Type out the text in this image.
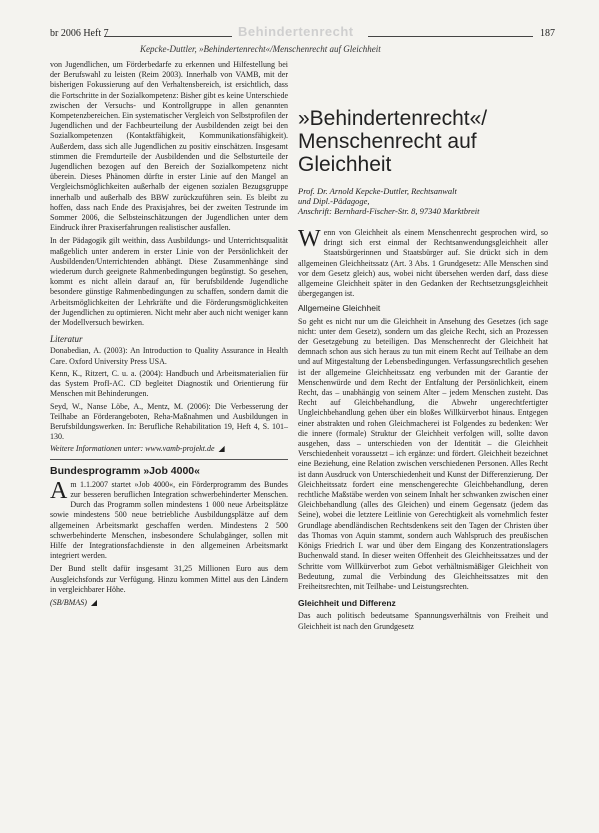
br 2006 Heft 7	Behindertenrecht	187
Kepcke-Duttler, »Behindertenrecht«/Menschenrecht auf Gleichheit

von Jugendlichen, um Förderbedarfe zu erkennen und Hilfestellung bei der Berufswahl zu leisten (Reim 2003). Innerhalb von VAMB, mit der bisherigen Fokussierung auf den Verhaltensbereich, ist ersichtlich, dass die Fortschritte in der Sozialkompetenz: Bisher gibt es keine Unterschiede zwischen der Versuchs- und Kontrollgruppe in allen genannten Kompetenzbereichen. Ein systematischer Vergleich von Selbstprofilen der Jugendlichen und der Fachbeurteilung der Ausbildenden zeigt bei den Sozialkompetenzen (Kontaktfähigkeit, Kommunikationsfähigkeit). Außerdem, dass sich alle Jugendlichen zu positiv einschätzen. Insgesamt stimmen die Fremdurteile der Ausbildenden und die Selbsturteile der Jugendlichen bezogen auf den Bereich der Sozialkompetenz nicht überein. Dieses Phänomen dürfte in erster Linie auf den Mangel an Vergleichsmöglichkeiten außerhalb der eigenen sozialen Bezugsgruppe innerhalb und außerhalb des BBW zurückzuführen sein. Es bleibt zu hoffen, dass nach Ende des Praxisjahres, bei der zweiten Testrunde im Sommer 2006, die Selbsteinschätzungen der Jugendlichen unter dem Eindruck ihrer Praxiserfahrungen realistischer ausfallen.

In der Pädagogik gilt weithin, dass Ausbildungs- und Unterrichtsqualität maßgeblich unter anderem in erster Linie von der Persönlichkeit der Ausbildenden/Unterrichtenden abhängt. Diese Zusammenhänge sind wiederum durch geeignete Rahmenbedingungen begünstigt. So gesehen, kommt es nicht allein darauf an, für berufsbildende Jugendliche besondere günstige Rahmenbedingungen zu schaffen, sondern damit die Arbeitsmöglichkeiten der Lehrkräfte und die Förderungsmöglichkeiten der Jugendlichen zu optimieren. Nicht mehr aber auch nicht weniger kann der Modellversuch bewirken.

Literatur

Donabedian, A. (2003): An Introduction to Quality Assurance in Health Care. Oxford University Press USA.

Kenn, K., Ritzert, C. u. a. (2004): Handbuch und Arbeitsmaterialien für das System ProfI-AC. CD begleitet Diagnostik und Orientierung für Menschen mit Behinderungen.

Seyd, W., Nanse Löbe, A., Mentz, M. (2006): Die Verbesserung der Teilhabe an Förderangeboten, Reha-Maßnahmen und Ausbildungen in Berufsbildungswerken. In: Berufliche Rehabilitation 19, Heft 4, S. 101–130.

Weitere Informationen unter: www.vamb-projekt.de ◢

Bundesprogramm »Job 4000«

Am 1.1.2007 startet »Job 4000«, ein Förderprogramm des Bundes zur besseren beruflichen Integration schwerbehinderter Menschen. Durch das Programm sollen mindestens 1 000 neue Arbeitsplätze sowie mindestens 500 neue betriebliche Ausbildungsplätze auf dem allgemeinen Arbeitsmarkt geschaffen werden. Mindestens 2 500 schwerbehinderte Menschen, insbesondere Schulabgänger, sollen mit Hilfe der Integrationsfachdienste in den allgemeinen Arbeitsmarkt integriert werden.

Der Bund stellt dafür insgesamt 31,25 Millionen Euro aus dem Ausgleichsfonds zur Verfügung. Hinzu kommen Mittel aus den Ländern in vergleichbarer Höhe.

(SB/BMAS) ◢
»Behindertenrecht«/
Menschenrecht auf
Gleichheit
Prof. Dr. Arnold Kepcke-Duttler, Rechtsanwalt
und Dipl.-Pädagoge,
Anschrift: Bernhard-Fischer-Str. 8, 97340 Marktbreit

Wenn von Gleichheit als einem Menschenrecht gesprochen wird, so dringt sich erst einmal der Rechtsanwendungsgleichheit aller Staatsbürgerinnen und Staatsbürger auf. Sie drückt sich in dem allgemeinen Gleichheitssatz (Art. 3 Abs. 1 Grundgesetz: Alle Menschen sind vor dem Gesetz gleich) aus, wobei nicht übersehen werden darf, dass diese allgemeine Gleichheit später in den Gedanken der Rechtsetzungsgleichheit übergegangen ist.

Allgemeine Gleichheit

So geht es nicht nur um die Gleichheit in Ansehung des Gesetzes (ich sage nicht: unter dem Gesetz), sondern um das gleiche Recht, sich an Prozessen der Gesetzgebung zu beteiligen. Das Menschenrecht der Gleichheit hat demnach schon aus sich heraus zu tun mit einem Recht auf Teilhabe an dem und auf Mitgestaltung der Lebensbedingungen. Verfassungsrechtlich gesehen ist der allgemeine Gleichheitssatz eng verbunden mit der Garantie der Menschenwürde und dem Recht der Entfaltung der Persönlichkeit, einem Recht, das – unabhängig von seinem Alter – jedem Menschen zusteht. Das Recht auf Gleichbehandlung, die Abwehr ungerechtfertigter Ungleichbehandlung gehen über ein bloßes Willkürverbot hinaus. Entgegen einer abstrakten und rohen Gleichmacherei ist Folgendes zu bedenken: Wer die innere (formale) Struktur der Gleichheit verfolgen will, sollte davon ausgehen, dass – unterschieden von der Identität – die Gleichheit Verschiedenheit voraussetzt – ich ergänze: und fördert. Gleichheit bezeichnet eine Beziehung, eine Relation zwischen verschiedenen Personen. Alles Recht ist dann Ausdruck von Unterschiedenheit und Kunst der Differenzierung. Der Gleichheitssatz fordert eine menschengerechte Gleichbehandlung, deren rechtliche Maßstäbe werden von seinem Inhalt her schwanken zwischen einer Gleichbehandlung (alles des Gleichen) und einem Gegensatz (jedem das Seine), wobei die letztere Leitlinie von Gerechtigkeit als vornehmlich fester Grundlage abendländischen Rechtsdenkens seit den Tagen der Christen über das Thomas von Aquin stammt, sondern auch Wahlspruch des preußischen Königs Friedrich I. war und über dem Eingang des Konzentrationslagers Buchenwald stand. In dieser weiten Offenheit des Gleichheitssatzes und der Schritte vom Willkürverbot zum Gebot verhältnismäßiger Gleichheit von Bedeutung, zumal die Verbindung des Gleichheitssatzes mit den Freiheitsrechten, mit Teilhabe- und Leistungsrechten.

Gleichheit und Differenz

Das auch politisch bedeutsame Spannungsverhältnis von Freiheit und Gleichheit ist nach den Grundgesetz
